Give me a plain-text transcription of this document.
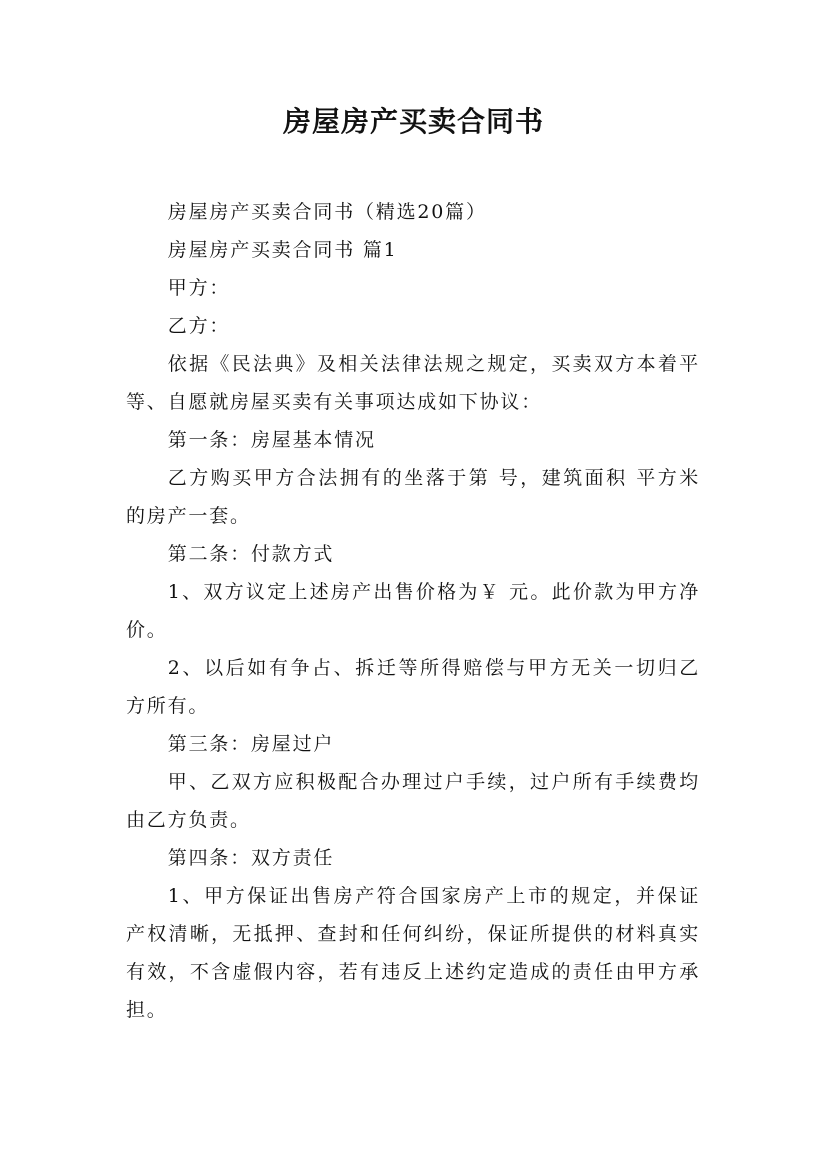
房屋房产买卖合同书

房屋房产买卖合同书（精选20篇）

房屋房产买卖合同书 篇1

甲方：

乙方：

依据《民法典》及相关法律法规之规定，买卖双方本着平等、自愿就房屋买卖有关事项达成如下协议：

第一条：房屋基本情况

乙方购买甲方合法拥有的坐落于第 号，建筑面积 平方米的房产一套。

第二条：付款方式

1、双方议定上述房产出售价格为￥ 元。此价款为甲方净价。

2、以后如有争占、拆迁等所得赔偿与甲方无关一切归乙方所有。

第三条：房屋过户

甲、乙双方应积极配合办理过户手续，过户所有手续费均由乙方负责。

第四条：双方责任

1、甲方保证出售房产符合国家房产上市的规定，并保证产权清晰，无抵押、查封和任何纠纷，保证所提供的材料真实有效，不含虚假内容，若有违反上述约定造成的责任由甲方承担。
